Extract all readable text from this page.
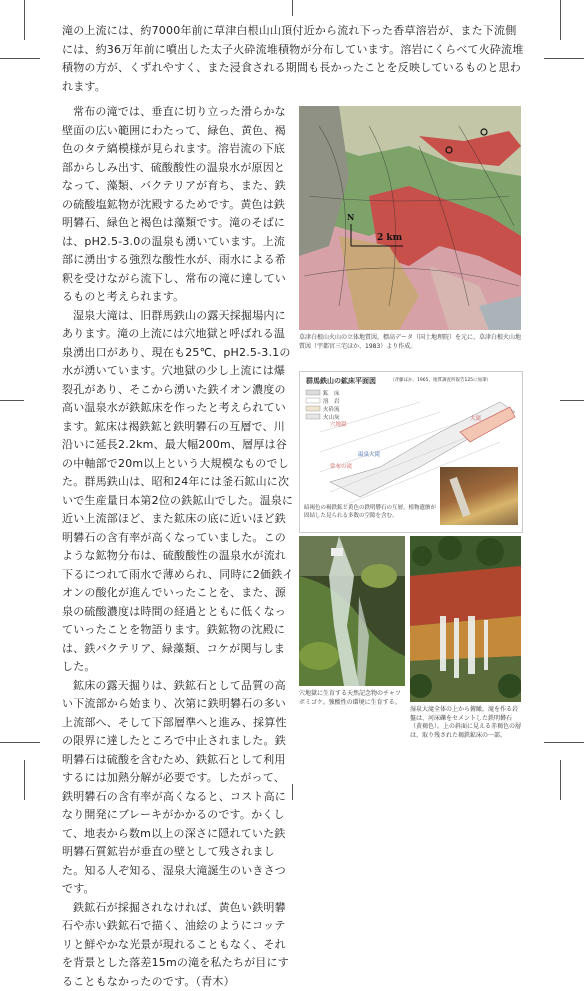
滝の上流には、約7000年前に草津白根山山頂付近から流れ下った香草溶岩が、また下流側には、約36万年前に噴出した太子火砕流堆積物が分布しています。溶岩にくらべて火砕流堆積物の方が、くずれやすく、また浸食される期間も長かったことを反映しているものと思われます。

常布の滝では、垂直に切り立った滑らかな壁面の広い範囲にわたって、緑色、黄色、褐色のタテ縞模様が見られます。溶岩流の下底部からしみ出す、硫酸酸性の温泉水が原因となって、藻類、バクテリアが育ち、また、鉄の硫酸塩鉱物が沈殿するためです。黄色は鉄明礬石、緑色と褐色は藻類です。滝のそばには、pH2.5-3.0の温泉も湧いています。上流部に湧出する強烈な酸性水が、雨水による希釈を受けながら流下し、常布の滝に達しているものと考えられます。

湿泉大滝は、旧群馬鉄山の露天採掘場内にあります。滝の上流には穴地獄と呼ばれる温泉湧出口があり、現在も25℃、pH2.5-3.1の水が湧いています。穴地獄の少し上流には爆裂孔があり、そこから湧いた鉄イオン濃度の高い温泉水が鉄鉱床を作ったと考えられています。鉱床は褐鉄鉱と鉄明礬石の互層で、川沿いに延長2.2km、最大幅200m、層厚は谷の中軸部で20m以上という大規模なものでした。群馬鉄山は、昭和24年には釜石鉱山に次いで生産量日本第2位の鉄鉱山でした。温泉に近い上流部ほど、また鉱床の底に近いほど鉄明礬石の含有率が高くなっていました。このような鉱物分布は、硫酸酸性の温泉水が流れ下るにつれて雨水で薄められ、同時に2価鉄イオンの酸化が進んでいったことを、また、源泉の硫酸濃度は時間の経過とともに低くなっていったことを物語ります。鉄鉱物の沈殿には、鉄バクテリア、緑藻類、コケが関与しました。

鉱床の露天掘りは、鉄鉱石として品質の高い下流部から始まり、次第に鉄明礬石の多い上流部へ、そして下部層準へと進み、採算性の限界に達したところで中止されました。鉄明礬石は硫酸を含むため、鉄鉱石として利用するには加熱分解が必要です。したがって、鉄明礬石の含有率が高くなると、コスト高になり開発にブレーキがかかるのです。かくして、地表から数m以上の深さに隠れていた鉄明礬石質鉱岩が垂直の壁として残されました。知る人ぞ知る、湿泉大滝誕生のいきさつです。

鉄鉱石が採掘されなければ、黄色い鉄明礬石や赤い鉄鉱石で描く、油絵のようにコッテリと鮮やかな光景が現れることもなく、それを背景とした落差15mの滝を私たちが目にすることもなかったのです。（青木）

2 km
N
草津白根山火山の立体地質図。標高データ（国土地理院）を元に、草津白根火山地質図（宇都宮三宅ほか、1983）より作成。
群馬鉄山の鉱床平面図	（斉藤ほか、1965、地質調査所報告125に加筆）
鉱　床
溶　岩
火砕流
火山灰
穴地獄
大滝
温泉大滝
常布の滝
暗褐色の褐鉄鉱と黄色の鉄明礬石の互層。植物遺骸が固結した見られる多数の空隙を含む。
穴地獄に生育する天然記念物のチャツボミゴケ。強酸性の環境に生育する。
湿泉大滝全体の上から俯瞰。滝を作る岩盤は、河床礫をセメントした鉄明礬石（黄褐色）。上の斜面に見える赤褐色の層は、取り残された褐鉄鉱床の一部。
